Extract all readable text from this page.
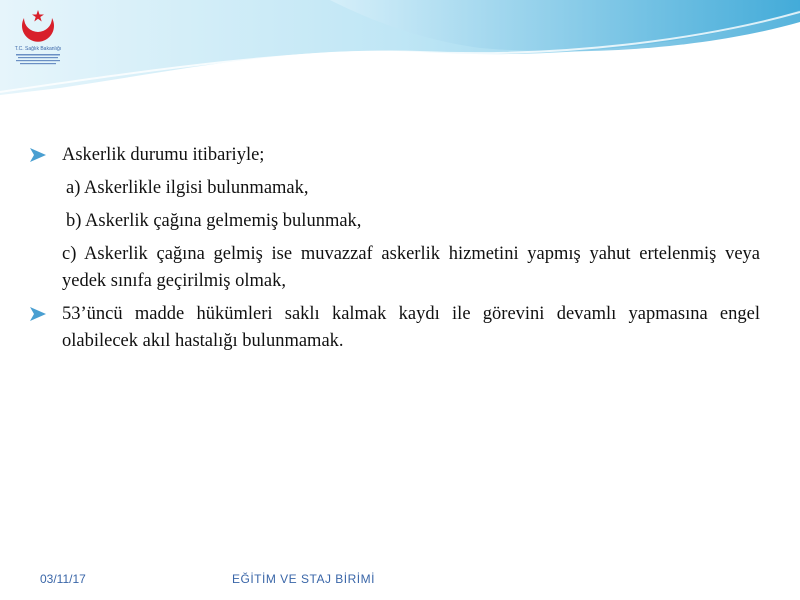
T.C. Sağlık Bakanlığı
Askerlik durumu itibariyle;
a) Askerlikle ilgisi bulunmamak,
b) Askerlik çağına gelmemiş bulunmak,
c) Askerlik çağına gelmiş ise muvazzaf askerlik hizmetini yapmış yahut ertelenmiş veya yedek sınıfa geçirilmiş olmak,
53’üncü madde hükümleri saklı kalmak kaydı ile görevini devamlı yapmasına engel olabilecek akıl hastalığı bulunmamak.
03/11/17	EĞİTİM VE STAJ BİRİMİ
